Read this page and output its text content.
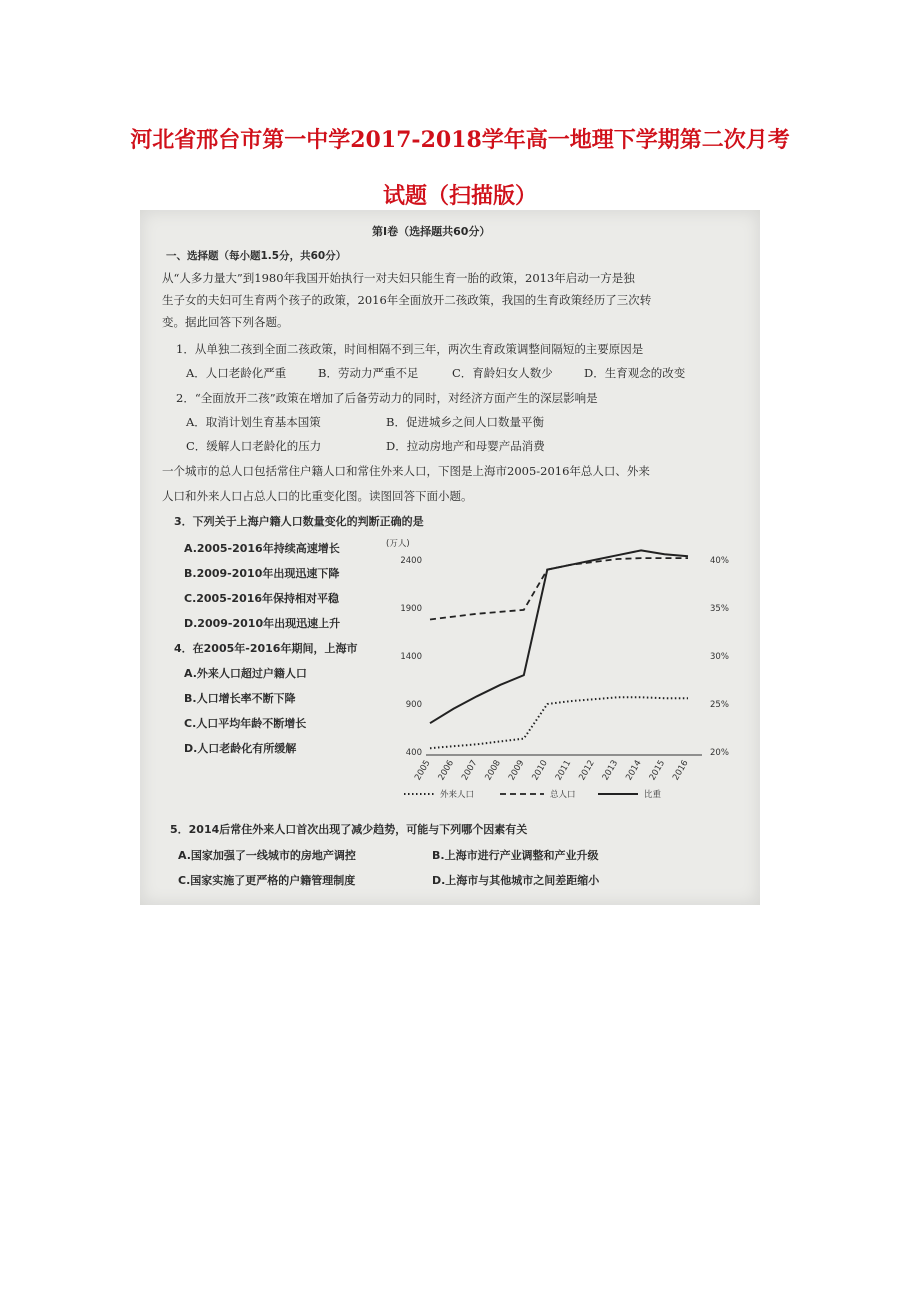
河北省邢台市第一中学2017-2018学年高一地理下学期第二次月考
试题（扫描版）
第Ⅰ卷（选择题共60分）
一、选择题（每小题1.5分，共60分）
从“人多力量大”到1980年我国开始执行一对夫妇只能生育一胎的政策，2013年启动一方是独
生子女的夫妇可生育两个孩子的政策，2016年全面放开二孩政策，我国的生育政策经历了三次转
变。据此回答下列各题。
1．从单独二孩到全面二孩政策，时间相隔不到三年，两次生育政策调整间隔短的主要原因是
A．人口老龄化严重	B．劳动力严重不足	C．育龄妇女人数少	D．生育观念的改变
2．“全面放开二孩”政策在增加了后备劳动力的同时，对经济方面产生的深层影响是
A．取消计划生育基本国策	B．促进城乡之间人口数量平衡
C．缓解人口老龄化的压力	D．拉动房地产和母婴产品消费
一个城市的总人口包括常住户籍人口和常住外来人口，下图是上海市2005-2016年总人口、外来
人口和外来人口占总人口的比重变化图。读图回答下面小题。
3．下列关于上海户籍人口数量变化的判断正确的是
A.2005-2016年持续高速增长
B.2009-2010年出现迅速下降
C.2005-2016年保持相对平稳
D.2009-2010年出现迅速上升
4．在2005年-2016年期间，上海市
A.外来人口超过户籍人口
B.人口增长率不断下降
C.人口平均年龄不断增长
D.人口老龄化有所缓解
(万人)
2400
1900
1400
900
400
40%
35%
30%
25%
20%
2005 2006 2007 2008 2009 2010 2011 2012 2013 2014 2015 2016
外来人口	总人口	比重
5．2014后常住外来人口首次出现了减少趋势，可能与下列哪个因素有关
A.国家加强了一线城市的房地产调控	B.上海市进行产业调整和产业升级
C.国家实施了更严格的户籍管理制度	D.上海市与其他城市之间差距缩小
